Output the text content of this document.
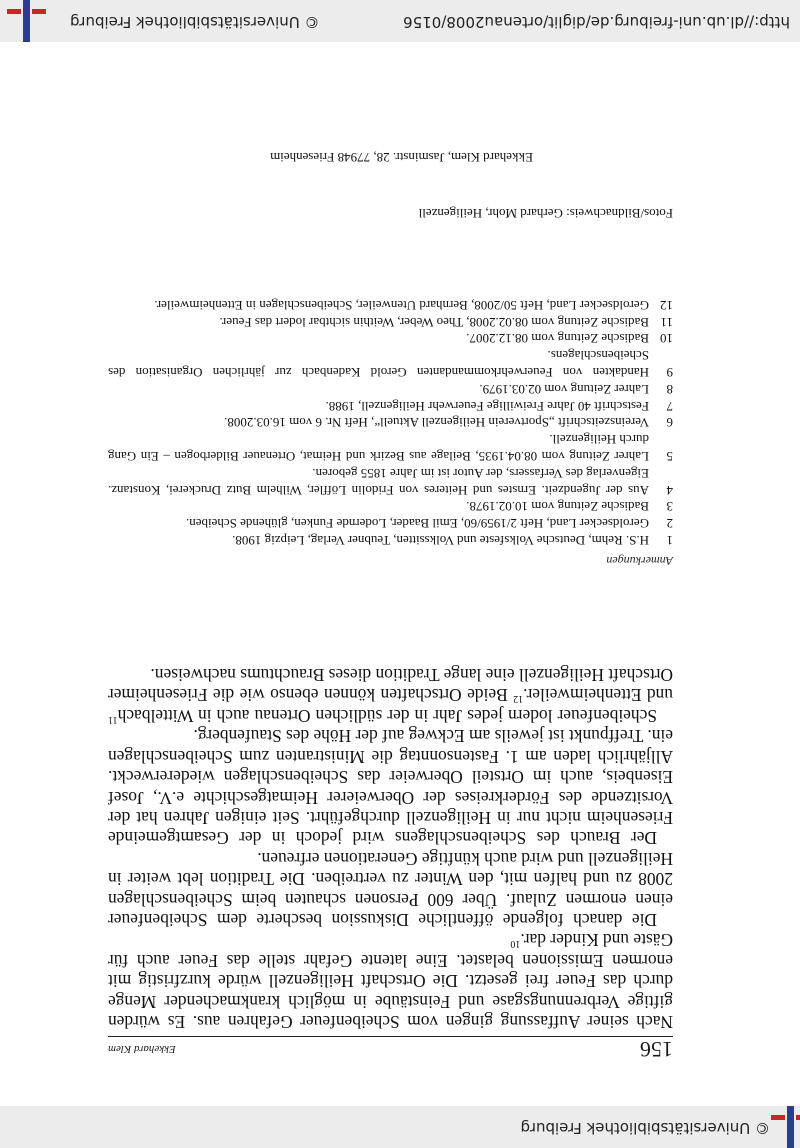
© Universitätsbibliothek Freiburg
156
Ekkehard Klem

Nach seiner Auffassung gingen vom Scheibenfeuer Gefahren aus. Es würden giftige Verbrennungsgase und Feinstäube in möglich krankmachender Menge durch das Feuer frei gesetzt. Die Ortschaft Heiligenzell würde kurzfristig mit enormen Emissionen belastet. Eine latente Gefahr stelle das Feuer auch für Gäste und Kinder dar.$^{10}$

Die danach folgende öffentliche Diskussion bescherte dem Scheibenfeuer einen enormen Zulauf. Über 600 Personen schauten beim Scheibenschlagen 2008 zu und halfen mit, den Winter zu vertreiben. Die Tradition lebt weiter in Heiligenzell und wird auch künftige Generationen erfreuen.

Der Brauch des Scheibenschlagens wird jedoch in der Gesamtgemeinde Friesenheim nicht nur in Heiligenzell durchgeführt. Seit einigen Jahren hat der Vorsitzende des Förderkreises der Oberweierer Heimatgeschichte e.V., Josef Eisenbeis, auch im Ortsteil Oberweier das Scheibenschlagen wiedererweckt. Alljährlich laden am 1. Fastensonntag die Ministranten zum Scheibenschlagen ein. Treffpunkt ist jeweils am Eckweg auf der Höhe des Staufenberg.

Scheibenfeuer lodern jedes Jahr in der südlichen Ortenau auch in Wittelbach$^{11}$ und Ettenheimweiler.$^{12}$ Beide Ortschaften können ebenso wie die Friesenheimer Ortschaft Heiligenzell eine lange Tradition dieses Brauchtums nachweisen.

Anmerkungen
1
H.S. Rehm, Deutsche Volksfeste und Volkssitten, Teubner Verlag, Leipzig 1908.
2
Geroldsecker Land, Heft 2/1959/60, Emil Baader, Lodernde Funken, glühende Scheiben.
3
Badische Zeitung vom 10.02.1978.
4
Aus der Jugendzeit. Ernstes und Heiteres von Fridolin Löffler, Wilhelm Butz Druckerei, Konstanz. Eigenverlag des Verfassers, der Autor ist im Jahre 1855 geboren.
5
Lahrer Zeitung vom 08.04.1935, Beilage aus Bezirk und Heimat, Ortenauer Bilderbogen – Ein Gang durch Heiligenzell.
6
Vereinszeitschrift „Sportverein Heiligenzell Aktuell“, Heft Nr. 6 vom 16.03.2008.
7
Festschrift 40 Jahre Freiwillige Feuerwehr Heiligenzell, 1988.
8
Lahrer Zeitung vom 02.03.1979.
9
Handakten von Feuerwehrkommandanten Gerold Kadenbach zur jährlichen Organisation des Scheibenschlagens.
10
Badische Zeitung vom 08.12.2007.
11
Badische Zeitung vom 08.02.2008, Theo Weber, Weithin sichtbar lodert das Feuer.
12
Geroldsecker Land, Heft 50/2008, Bernhard Utenweiler, Scheibenschlagen in Ettenheimweiler.
Fotos/Bildnachweis: Gerhard Mohr, Heiligenzell
Ekkehard Klem, Jasminstr. 28, 77948 Friesenheim
http://dl.ub.uni-freiburg.de/diglit/ortenau2008/0156
© Universitätsbibliothek Freiburg
